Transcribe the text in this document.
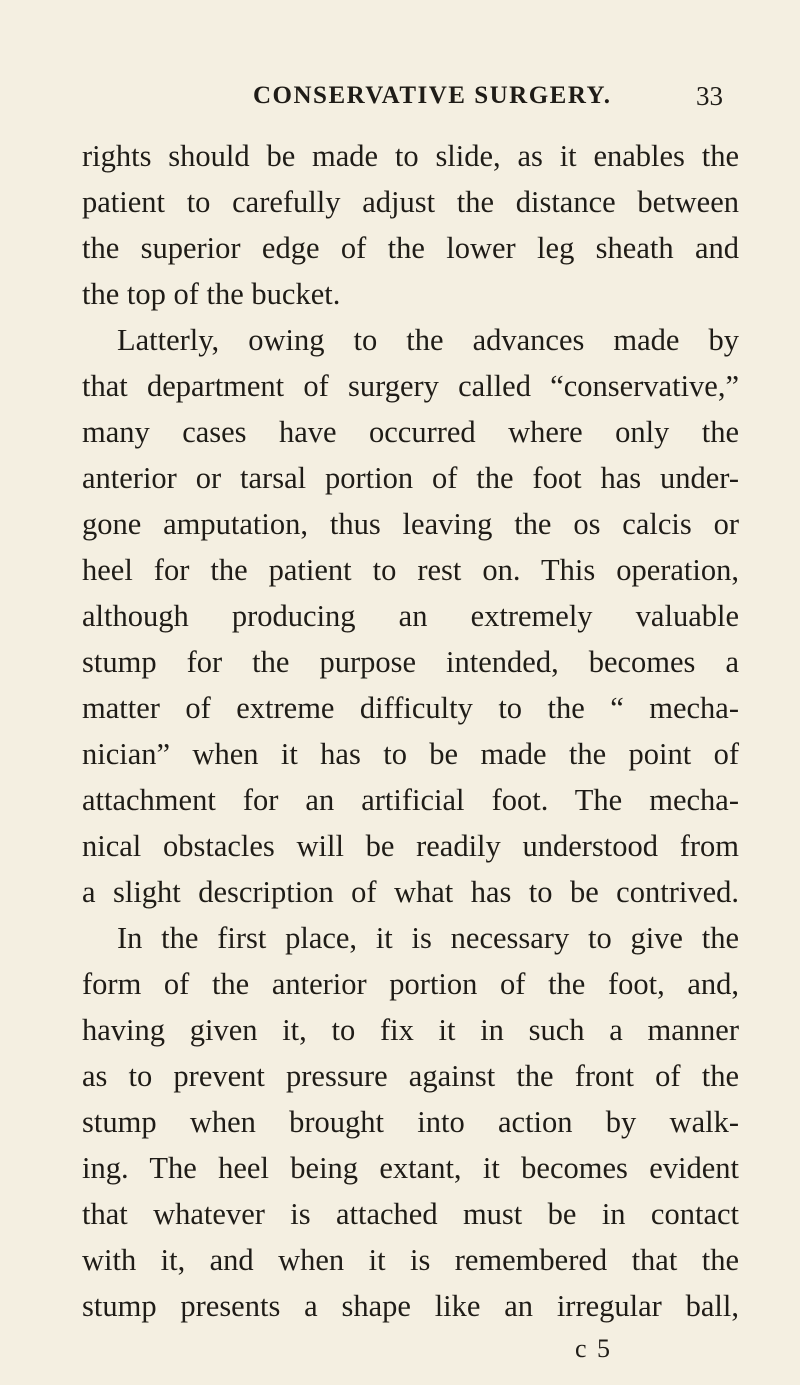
CONSERVATIVE SURGERY.	33
rights should be made to slide, as it enables the
patient to carefully adjust the distance between
the superior edge of the lower leg sheath and
the top of the bucket.
Latterly, owing to the advances made by
that department of surgery called “conservative,”
many cases have occurred where only the
anterior or tarsal portion of the foot has under-
gone amputation, thus leaving the os calcis or
heel for the patient to rest on. This operation,
although producing an extremely valuable
stump for the purpose intended, becomes a
matter of extreme difficulty to the “ mecha-
nician” when it has to be made the point of
attachment for an artificial foot. The mecha-
nical obstacles will be readily understood from
a slight description of what has to be contrived.
In the first place, it is necessary to give the
form of the anterior portion of the foot, and,
having given it, to fix it in such a manner
as to prevent pressure against the front of the
stump when brought into action by walk-
ing. The heel being extant, it becomes evident
that whatever is attached must be in contact
with it, and when it is remembered that the
stump presents a shape like an irregular ball,
c 5
